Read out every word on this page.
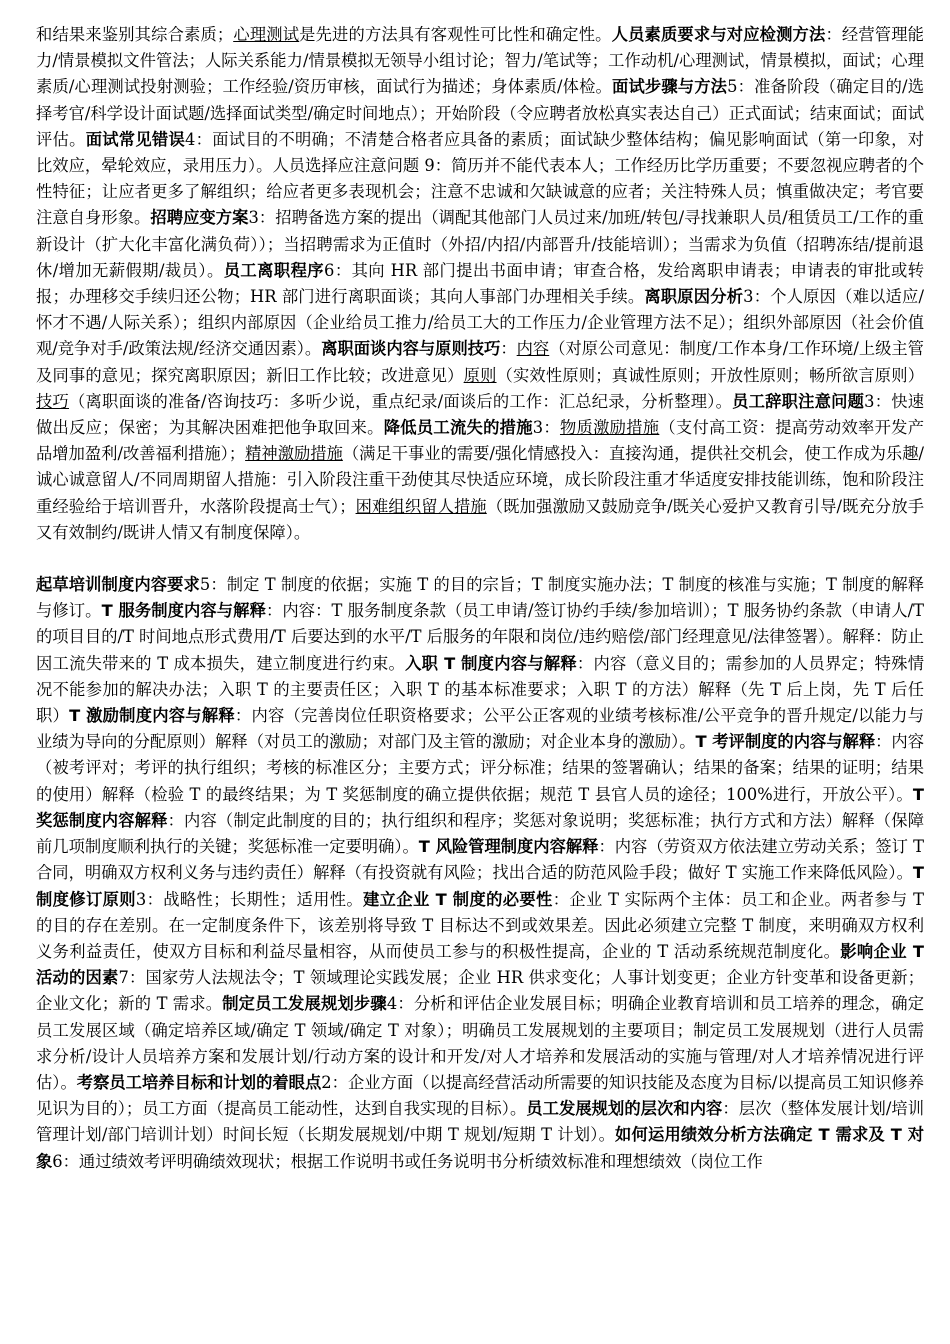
和结果来鉴别其综合素质；心理测试是先进的方法具有客观性可比性和确定性。人员素质要求与对应检测方法：经营管理能力/情景模拟文件管法；人际关系能力/情景模拟无领导小组讨论；智力/笔试等；工作动机/心理测试，情景模拟，面试；心理素质/心理测试投射测验；工作经验/资历审核，面试行为描述；身体素质/体检。面试步骤与方法5：准备阶段（确定目的/选择考官/科学设计面试题/选择面试类型/确定时间地点）；开始阶段（令应聘者放松真实表达自己）正式面试；结束面试；面试评估。面试常见错误4：面试目的不明确；不清楚合格者应具备的素质；面试缺少整体结构；偏见影响面试（第一印象，对比效应，晕轮效应，录用压力）。人员选择应注意问题 9：简历并不能代表本人；工作经历比学历重要；不要忽视应聘者的个性特征；让应者更多了解组织；给应者更多表现机会；注意不忠诚和欠缺诚意的应者；关注特殊人员；慎重做决定；考官要注意自身形象。招聘应变方案3：招聘备选方案的提出（调配其他部门人员过来/加班/转包/寻找兼职人员/租赁员工/工作的重新设计（扩大化丰富化满负荷））；当招聘需求为正值时（外招/内招/内部晋升/技能培训）；当需求为负值（招聘冻结/提前退休/增加无薪假期/裁员）。员工离职程序6：其向 HR 部门提出书面申请；审查合格，发给离职申请表；申请表的审批或转报；办理移交手续归还公物；HR 部门进行离职面谈；其向人事部门办理相关手续。离职原因分析3：个人原因（难以适应/怀才不遇/人际关系）；组织内部原因（企业给员工推力/给员工大的工作压力/企业管理方法不足）；组织外部原因（社会价值观/竞争对手/政策法规/经济交通因素）。离职面谈内容与原则技巧：内容（对原公司意见：制度/工作本身/工作环境/上级主管及同事的意见；探究离职原因；新旧工作比较；改进意见）原则（实效性原则；真诚性原则；开放性原则；畅所欲言原则）技巧（离职面谈的准备/咨询技巧：多听少说，重点纪录/面谈后的工作：汇总纪录，分析整理）。员工辞职注意问题3：快速做出反应；保密；为其解决困难把他争取回来。降低员工流失的措施3：物质激励措施（支付高工资：提高劳动效率开发产品增加盈利/改善福利措施）；精神激励措施（满足干事业的需要/强化情感投入：直接沟通，提供社交机会，使工作成为乐趣/诚心诚意留人/不同周期留人措施：引入阶段注重干劲使其尽快适应环境，成长阶段注重才华适度安排技能训练，饱和阶段注重经验给于培训晋升，水落阶段提高士气）；困难组织留人措施（既加强激励又鼓励竞争/既关心爱护又教育引导/既充分放手又有效制约/既讲人情又有制度保障）。

起草培训制度内容要求5：制定 T 制度的依据；实施 T 的目的宗旨；T 制度实施办法；T 制度的核准与实施；T 制度的解释与修订。T 服务制度内容与解释：内容：T 服务制度条款（员工申请/签订协约手续/参加培训）；T 服务协约条款（申请人/T 的项目目的/T 时间地点形式费用/T 后要达到的水平/T 后服务的年限和岗位/违约赔偿/部门经理意见/法律签署）。解释：防止因工流失带来的 T 成本损失，建立制度进行约束。入职 T 制度内容与解释：内容（意义目的；需参加的人员界定；特殊情况不能参加的解决办法；入职 T 的主要责任区；入职 T 的基本标准要求；入职 T 的方法）解释（先 T 后上岗，先 T 后任职）T 激励制度内容与解释：内容（完善岗位任职资格要求；公平公正客观的业绩考核标准/公平竞争的晋升规定/以能力与业绩为导向的分配原则）解释（对员工的激励；对部门及主管的激励；对企业本身的激励）。T 考评制度的内容与解释：内容（被考评对；考评的执行组织；考核的标准区分；主要方式；评分标准；结果的签署确认；结果的备案；结果的证明；结果的使用）解释（检验 T 的最终结果；为 T 奖惩制度的确立提供依据；规范 T 县官人员的途径；100%进行，开放公平）。T 奖惩制度内容解释：内容（制定此制度的目的；执行组织和程序；奖惩对象说明；奖惩标准；执行方式和方法）解释（保障前几项制度顺利执行的关键；奖惩标准一定要明确）。T 风险管理制度内容解释：内容（劳资双方依法建立劳动关系；签订 T 合同，明确双方权利义务与违约责任）解释（有投资就有风险；找出合适的防范风险手段；做好 T 实施工作来降低风险）。T 制度修订原则3：战略性；长期性；适用性。建立企业 T 制度的必要性：企业 T 实际两个主体：员工和企业。两者参与 T 的目的存在差别。在一定制度条件下，该差别将导致 T 目标达不到或效果差。因此必须建立完整 T 制度，来明确双方权利义务利益责任，使双方目标和利益尽量相容，从而使员工参与的积极性提高，企业的 T 活动系统规范制度化。影响企业 T 活动的因素7：国家劳人法规法令；T 领域理论实践发展；企业 HR 供求变化；人事计划变更；企业方针变革和设备更新；企业文化；新的 T 需求。制定员工发展规划步骤4：分析和评估企业发展目标；明确企业教育培训和员工培养的理念，确定员工发展区域（确定培养区域/确定 T 领域/确定 T 对象）；明确员工发展规划的主要项目；制定员工发展规划（进行人员需求分析/设计人员培养方案和发展计划/行动方案的设计和开发/对人才培养和发展活动的实施与管理/对人才培养情况进行评估）。考察员工培养目标和计划的着眼点2：企业方面（以提高经营活动所需要的知识技能及态度为目标/以提高员工知识修养见识为目的）；员工方面（提高员工能动性，达到自我实现的目标）。员工发展规划的层次和内容：层次（整体发展计划/培训管理计划/部门培训计划）时间长短（长期发展规划/中期 T 规划/短期 T 计划）。如何运用绩效分析方法确定 T 需求及 T 对象6：通过绩效考评明确绩效现状；根据工作说明书或任务说明书分析绩效标准和理想绩效（岗位工作
